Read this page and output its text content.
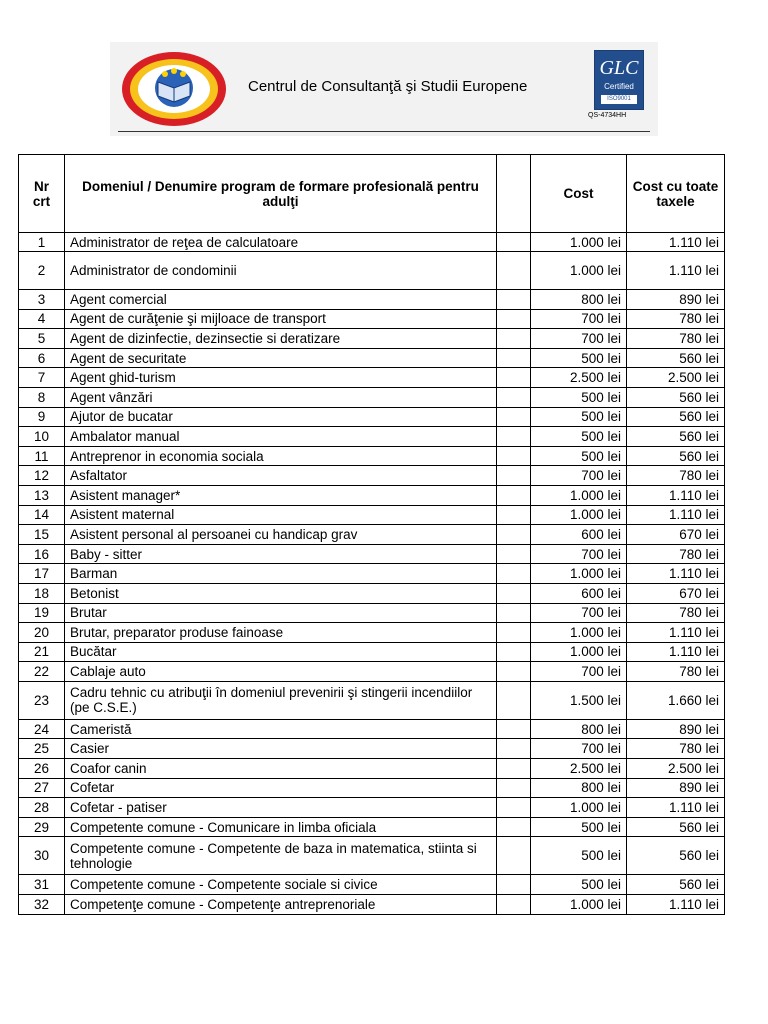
Centrul de Consultanţă şi Studii Europene
GLC
Certified
ISO9001
QS-4734HH
Nr crt	Domeniul / Denumire program de formare profesională pentru adulţi		Cost	Cost cu toate taxele
1	Administrator de reţea de calculatoare		1.000 lei	1.110 lei
2	Administrator de condominii		1.000 lei	1.110 lei
3	Agent comercial		800 lei	890 lei
4	Agent de curăţenie şi mijloace de transport		700 lei	780 lei
5	Agent de dizinfectie, dezinsectie si deratizare		700 lei	780 lei
6	Agent de securitate		500 lei	560 lei
7	Agent ghid-turism		2.500 lei	2.500 lei
8	Agent vânzări		500 lei	560 lei
9	Ajutor de bucatar		500 lei	560 lei
10	Ambalator manual		500 lei	560 lei
11	Antreprenor in economia sociala		500 lei	560 lei
12	Asfaltator		700 lei	780 lei
13	Asistent manager*		1.000 lei	1.110 lei
14	Asistent maternal		1.000 lei	1.110 lei
15	Asistent personal al persoanei cu handicap grav		600 lei	670 lei
16	Baby - sitter		700 lei	780 lei
17	Barman		1.000 lei	1.110 lei
18	Betonist		600 lei	670 lei
19	Brutar		700 lei	780 lei
20	Brutar, preparator produse fainoase		1.000 lei	1.110 lei
21	Bucătar		1.000 lei	1.110 lei
22	Cablaje auto		700 lei	780 lei
23	Cadru tehnic cu atribuţii în domeniul prevenirii şi stingerii incendiilor (pe C.S.E.)		1.500 lei	1.660 lei
24	Cameristă		800 lei	890 lei
25	Casier		700 lei	780 lei
26	Coafor canin		2.500 lei	2.500 lei
27	Cofetar		800 lei	890 lei
28	Cofetar - patiser		1.000 lei	1.110 lei
29	Competente comune - Comunicare in limba oficiala		500 lei	560 lei
30	Competente comune - Competente de baza in matematica, stiinta si tehnologie		500 lei	560 lei
31	Competente comune - Competente sociale si civice		500 lei	560 lei
32	Competenţe comune - Competenţe antreprenoriale		1.000 lei	1.110 lei
